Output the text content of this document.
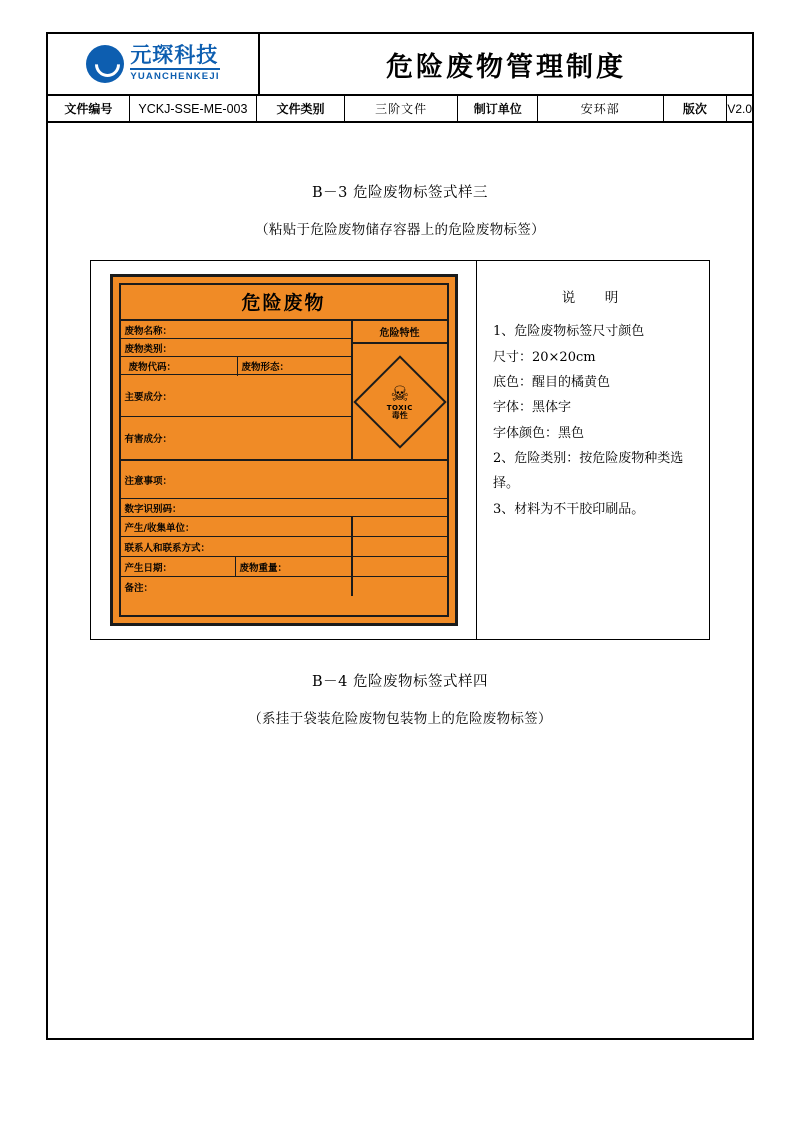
元琛科技
YUANCHENKEJI	危险废物管理制度
文件编号	YCKJ-SSE-ME-003	文件类别	三阶文件	制订单位	安环部	版次	V2.0
B－3 危险废物标签式样三
（粘贴于危险废物储存容器上的危险废物标签）
危险废物
废物名称：
废物类别：
废物代码：	废物形态：
主要成分：
有害成分：
危险特性
☠
TOXIC
毒性
注意事项：
数字识别码：
产生/收集单位：
联系人和联系方式：
产生日期：	废物重量：
备注：
说　明
1、危险废物标签尺寸颜色
尺寸：20×20cm
底色：醒目的橘黄色
字体：黑体字
字体颜色：黑色
2、危险类别：按危险废物种类选
择。
3、材料为不干胶印刷品。
B－4 危险废物标签式样四
（系挂于袋装危险废物包装物上的危险废物标签）
